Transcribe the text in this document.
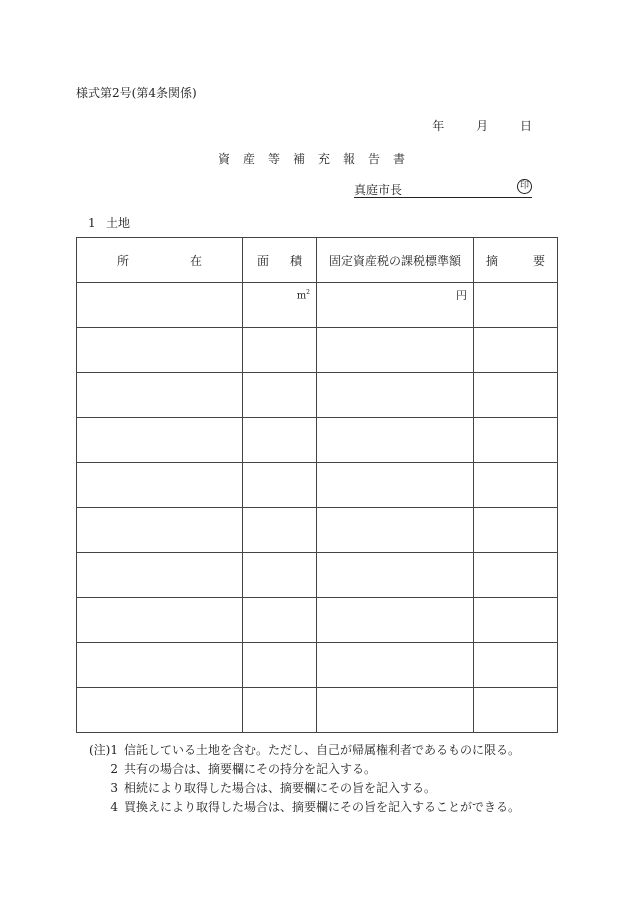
様式第2号(第4条関係)
年	月	日
資産等補充報告書
真庭市長	印
1 土地
所 在	面 積	固定資産税の課税標準額	摘 要

	$m^2$	円	

(注)1 信託している土地を含む。ただし、自己が帰属権利者であるものに限る。
2 共有の場合は、摘要欄にその持分を記入する。
3 相続により取得した場合は、摘要欄にその旨を記入する。
4 買換えにより取得した場合は、摘要欄にその旨を記入することができる。
